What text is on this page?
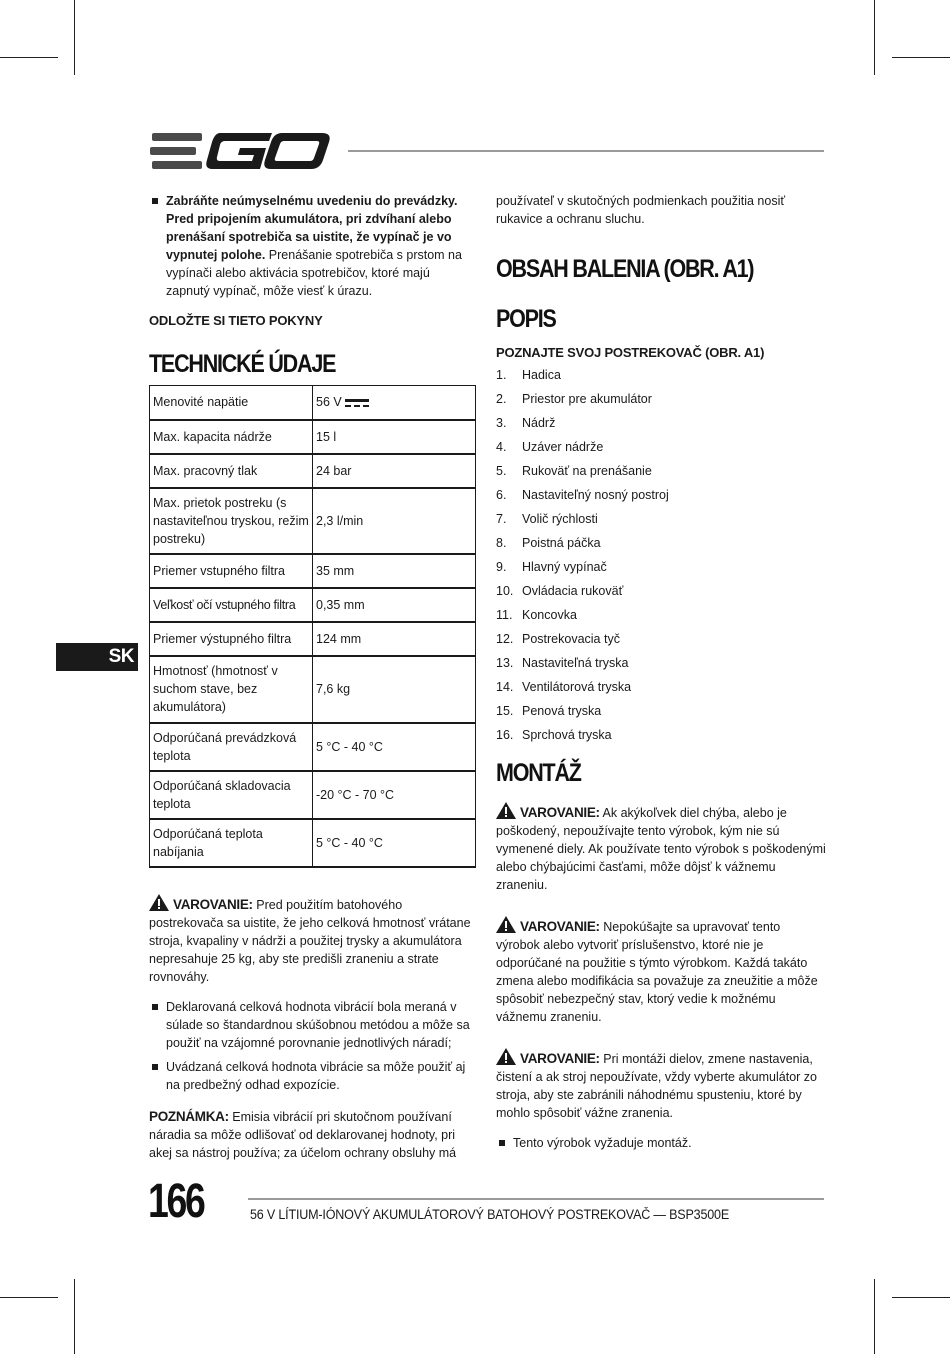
SK
Zabráňte neúmyselnému uvedeniu do prevádzky. Pred pripojením akumulátora, pri zdvíhaní alebo prenášaní spotrebiča sa uistite, že vypínač je vo vypnutej polohe. Prenášanie spotrebiča s prstom na vypínači alebo aktivácia spotrebičov, ktoré majú zapnutý vypínač, môže viesť k úrazu.
ODLOŽTE SI TIETO POKYNY
TECHNICKÉ ÚDAJE
Menovité napätie	56 V
Max. kapacita nádrže	15 l
Max. pracovný tlak	24 bar
Max. prietok postreku (s nastaviteľnou tryskou, režim postreku)	2,3 l/min
Priemer vstupného filtra	35 mm
Veľkosť očí vstupného filtra	0,35 mm
Priemer výstupného filtra	124 mm
Hmotnosť (hmotnosť v suchom stave, bez akumulátora)	7,6 kg
Odporúčaná prevádzková teplota	5 °C - 40 °C
Odporúčaná skladovacia teplota	-20 °C - 70 °C
Odporúčaná teplota nabíjania	5 °C - 40 °C
VAROVANIE: Pred použitím batohového postrekovača sa uistite, že jeho celková hmotnosť vrátane stroja, kvapaliny v nádrži a použitej trysky a akumulátora nepresahuje 25 kg, aby ste predišli zraneniu a strate rovnováhy.
Deklarovaná celková hodnota vibrácií bola meraná v súlade so štandardnou skúšobnou metódou a môže sa použiť na vzájomné porovnanie jednotlivých náradí;
Uvádzaná celková hodnota vibrácie sa môže použiť aj na predbežný odhad expozície.
POZNÁMKA: Emisia vibrácií pri skutočnom používaní náradia sa môže odlišovať od deklarovanej hodnoty, pri akej sa nástroj používa; za účelom ochrany obsluhy má
používateľ v skutočných podmienkach použitia nosiť rukavice a ochranu sluchu.
OBSAH BALENIA (OBR. A1)
POPIS
POZNAJTE SVOJ POSTREKOVAČ (OBR. A1)
1.	Hadica
2.	Priestor pre akumulátor
3.	Nádrž
4.	Uzáver nádrže
5.	Rukoväť na prenášanie
6.	Nastaviteľný nosný postroj
7.	Volič rýchlosti
8.	Poistná páčka
9.	Hlavný vypínač
10. Ovládacia rukoväť
11. Koncovka
12. Postrekovacia tyč
13. Nastaviteľná tryska
14. Ventilátorová tryska
15. Penová tryska
16. Sprchová tryska
MONTÁŽ
VAROVANIE: Ak akýkoľvek diel chýba, alebo je poškodený, nepoužívajte tento výrobok, kým nie sú vymenené diely. Ak používate tento výrobok s poškodenými alebo chýbajúcimi časťami, môže dôjsť k vážnemu zraneniu.
VAROVANIE: Nepokúšajte sa upravovať tento výrobok alebo vytvoriť príslušenstvo, ktoré nie je odporúčané na použitie s týmto výrobkom. Každá takáto zmena alebo modifikácia sa považuje za zneužitie a môže spôsobiť nebezpečný stav, ktorý vedie k možnému vážnemu zraneniu.
VAROVANIE: Pri montáži dielov, zmene nastavenia, čistení a ak stroj nepoužívate, vždy vyberte akumulátor zo stroja, aby ste zabránili náhodnému spusteniu, ktoré by mohlo spôsobiť vážne zranenia.
Tento výrobok vyžaduje montáž.
166	56 V LÍTIUM-IÓNOVÝ AKUMULÁTOROVÝ BATOHOVÝ POSTREKOVAČ — BSP3500E
